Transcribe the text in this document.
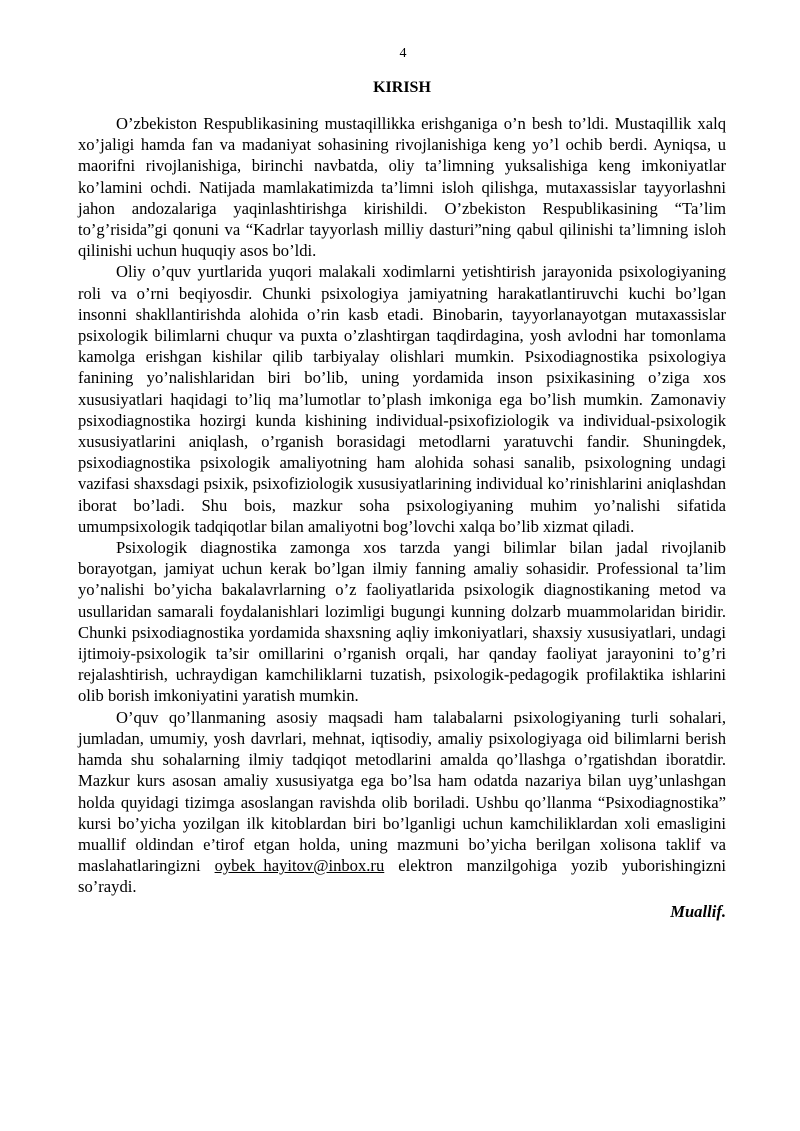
4
KIRISH

O’zbekiston Respublikasining mustaqillikka erishganiga o’n besh to’ldi. Mustaqillik xalq xo’jaligi hamda fan va madaniyat sohasining rivojlanishiga keng yo’l ochib berdi. Ayniqsa, u maorifni rivojlanishiga, birinchi navbatda, oliy ta’limning yuksalishiga keng imkoniyatlar ko’lamini ochdi. Natijada mamlakatimizda ta’limni isloh qilishga, mutaxassislar tayyorlashni jahon andozalariga yaqinlashtirishga kirishildi. O’zbekiston Respublikasining “Ta’lim to’g’risida”gi qonuni va “Kadrlar tayyorlash milliy dasturi”ning qabul qilinishi ta’limning isloh qilinishi uchun huquqiy asos bo’ldi.

Oliy o’quv yurtlarida yuqori malakali xodimlarni yetishtirish jarayonida psixologiyaning roli va o’rni beqiyosdir. Chunki psixologiya jamiyatning harakatlantiruvchi kuchi bo’lgan insonni shakllantirishda alohida o’rin kasb etadi. Binobarin, tayyorlanayotgan mutaxassislar psixologik bilimlarni chuqur va puxta o’zlashtirgan taqdirdagina, yosh avlodni har tomonlama kamolga erishgan kishilar qilib tarbiyalay olishlari mumkin. Psixodiagnostika psixologiya fanining yo’nalishlaridan biri bo’lib, uning yordamida inson psixikasining o’ziga xos xususiyatlari haqidagi to’liq ma’lumotlar to’plash imkoniga ega bo’lish mumkin. Zamonaviy psixodiagnostika hozirgi kunda kishining individual-psixofiziologik va individual-psixologik xususiyatlarini aniqlash, o’rganish borasidagi metodlarni yaratuvchi fandir. Shuningdek, psixodiagnostika psixologik amaliyotning ham alohida sohasi sanalib, psixologning undagi vazifasi shaxsdagi psixik, psixofiziologik xususiyatlarining individual ko’rinishlarini aniqlashdan iborat bo’ladi. Shu bois, mazkur soha psixologiyaning muhim yo’nalishi sifatida umumpsixologik tadqiqotlar bilan amaliyotni bog’lovchi xalqa bo’lib xizmat qiladi.

Psixologik diagnostika zamonga xos tarzda yangi bilimlar bilan jadal rivojlanib borayotgan, jamiyat uchun kerak bo’lgan ilmiy fanning amaliy sohasidir. Professional ta’lim yo’nalishi bo’yicha bakalavrlarning o’z faoliyatlarida psixologik diagnostikaning metod va usullaridan samarali foydalanishlari lozimligi bugungi kunning dolzarb muammolaridan biridir. Chunki psixodiagnostika yordamida shaxsning aqliy imkoniyatlari, shaxsiy xususiyatlari, undagi ijtimoiy-psixologik ta’sir omillarini o’rganish orqali, har qanday faoliyat jarayonini to’g’ri rejalashtirish, uchraydigan kamchiliklarni tuzatish, psixologik-pedagogik profilaktika ishlarini olib borish imkoniyatini yaratish mumkin.

O’quv qo’llanmaning asosiy maqsadi ham talabalarni psixologiyaning turli sohalari, jumladan, umumiy, yosh davrlari, mehnat, iqtisodiy, amaliy psixologiyaga oid bilimlarni berish hamda shu sohalarning ilmiy tadqiqot metodlarini amalda qo’llashga o’rgatishdan iboratdir. Mazkur kurs asosan amaliy xususiyatga ega bo’lsa ham odatda nazariya bilan uyg’unlashgan holda quyidagi tizimga asoslangan ravishda olib boriladi. Ushbu qo’llanma “Psixodiagnostika” kursi bo’yicha yozilgan ilk kitoblardan biri bo’lganligi uchun kamchiliklardan xoli emasligini muallif oldindan e’tirof etgan holda, uning mazmuni bo’yicha berilgan xolisona taklif va maslahatlaringizni oybek_hayitov@inbox.ru elektron manzilgohiga yozib yuborishingizni so’raydi.

Muallif.
